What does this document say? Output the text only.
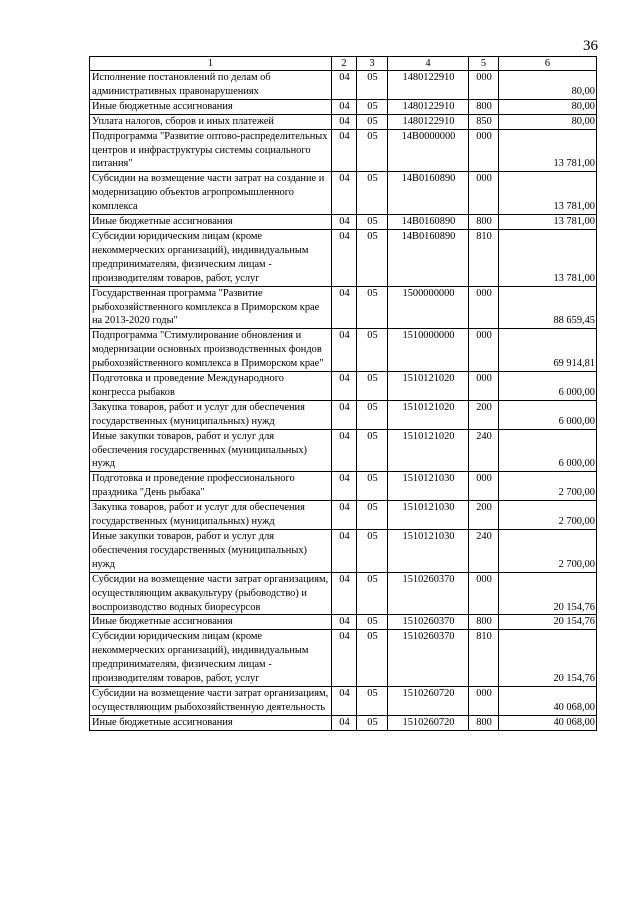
36
1	2	3	4	5	6
Исполнение постановлений по делам об административных правонарушениях	04	05	1480122910	000	80,00
Иные бюджетные ассигнования	04	05	1480122910	800	80,00
Уплата налогов, сборов и иных платежей	04	05	1480122910	850	80,00
Подпрограмма "Развитие оптово-распределительных центров и инфраструктуры системы социального питания"	04	05	14В0000000	000	13 781,00
Субсидии на возмещение части затрат на создание и модернизацию объектов агропромышленного комплекса	04	05	14В0160890	000	13 781,00
Иные бюджетные ассигнования	04	05	14В0160890	800	13 781,00
Субсидии юридическим лицам (кроме некоммерческих организаций), индивидуальным предпринимателям, физическим лицам - производителям товаров, работ, услуг	04	05	14В0160890	810	13 781,00
Государственная программа "Развитие рыбохозяйственного комплекса в Приморском крае на 2013-2020 годы"	04	05	1500000000	000	88 659,45
Подпрограмма "Стимулирование обновления и модернизации основных производственных фондов рыбохозяйственного комплекса в Приморском крае"	04	05	1510000000	000	69 914,81
Подготовка и проведение Международного конгресса рыбаков	04	05	1510121020	000	6 000,00
Закупка товаров, работ и услуг для обеспечения государственных (муниципальных) нужд	04	05	1510121020	200	6 000,00
Иные закупки товаров, работ и услуг для обеспечения государственных (муниципальных) нужд	04	05	1510121020	240	6 000,00
Подготовка и проведение профессионального праздника "День рыбака"	04	05	1510121030	000	2 700,00
Закупка товаров, работ и услуг для обеспечения государственных (муниципальных) нужд	04	05	1510121030	200	2 700,00
Иные закупки товаров, работ и услуг для обеспечения государственных (муниципальных) нужд	04	05	1510121030	240	2 700,00
Субсидии на возмещение части затрат организациям, осуществляющим аквакультуру (рыбоводство) и воспроизводство водных биоресурсов	04	05	1510260370	000	20 154,76
Иные бюджетные ассигнования	04	05	1510260370	800	20 154,76
Субсидии юридическим лицам (кроме некоммерческих организаций), индивидуальным предпринимателям, физическим лицам - производителям товаров, работ, услуг	04	05	1510260370	810	20 154,76
Субсидии на возмещение части затрат организациям, осуществляющим рыбохозяйственную деятельность	04	05	1510260720	000	40 068,00
Иные бюджетные ассигнования	04	05	1510260720	800	40 068,00
